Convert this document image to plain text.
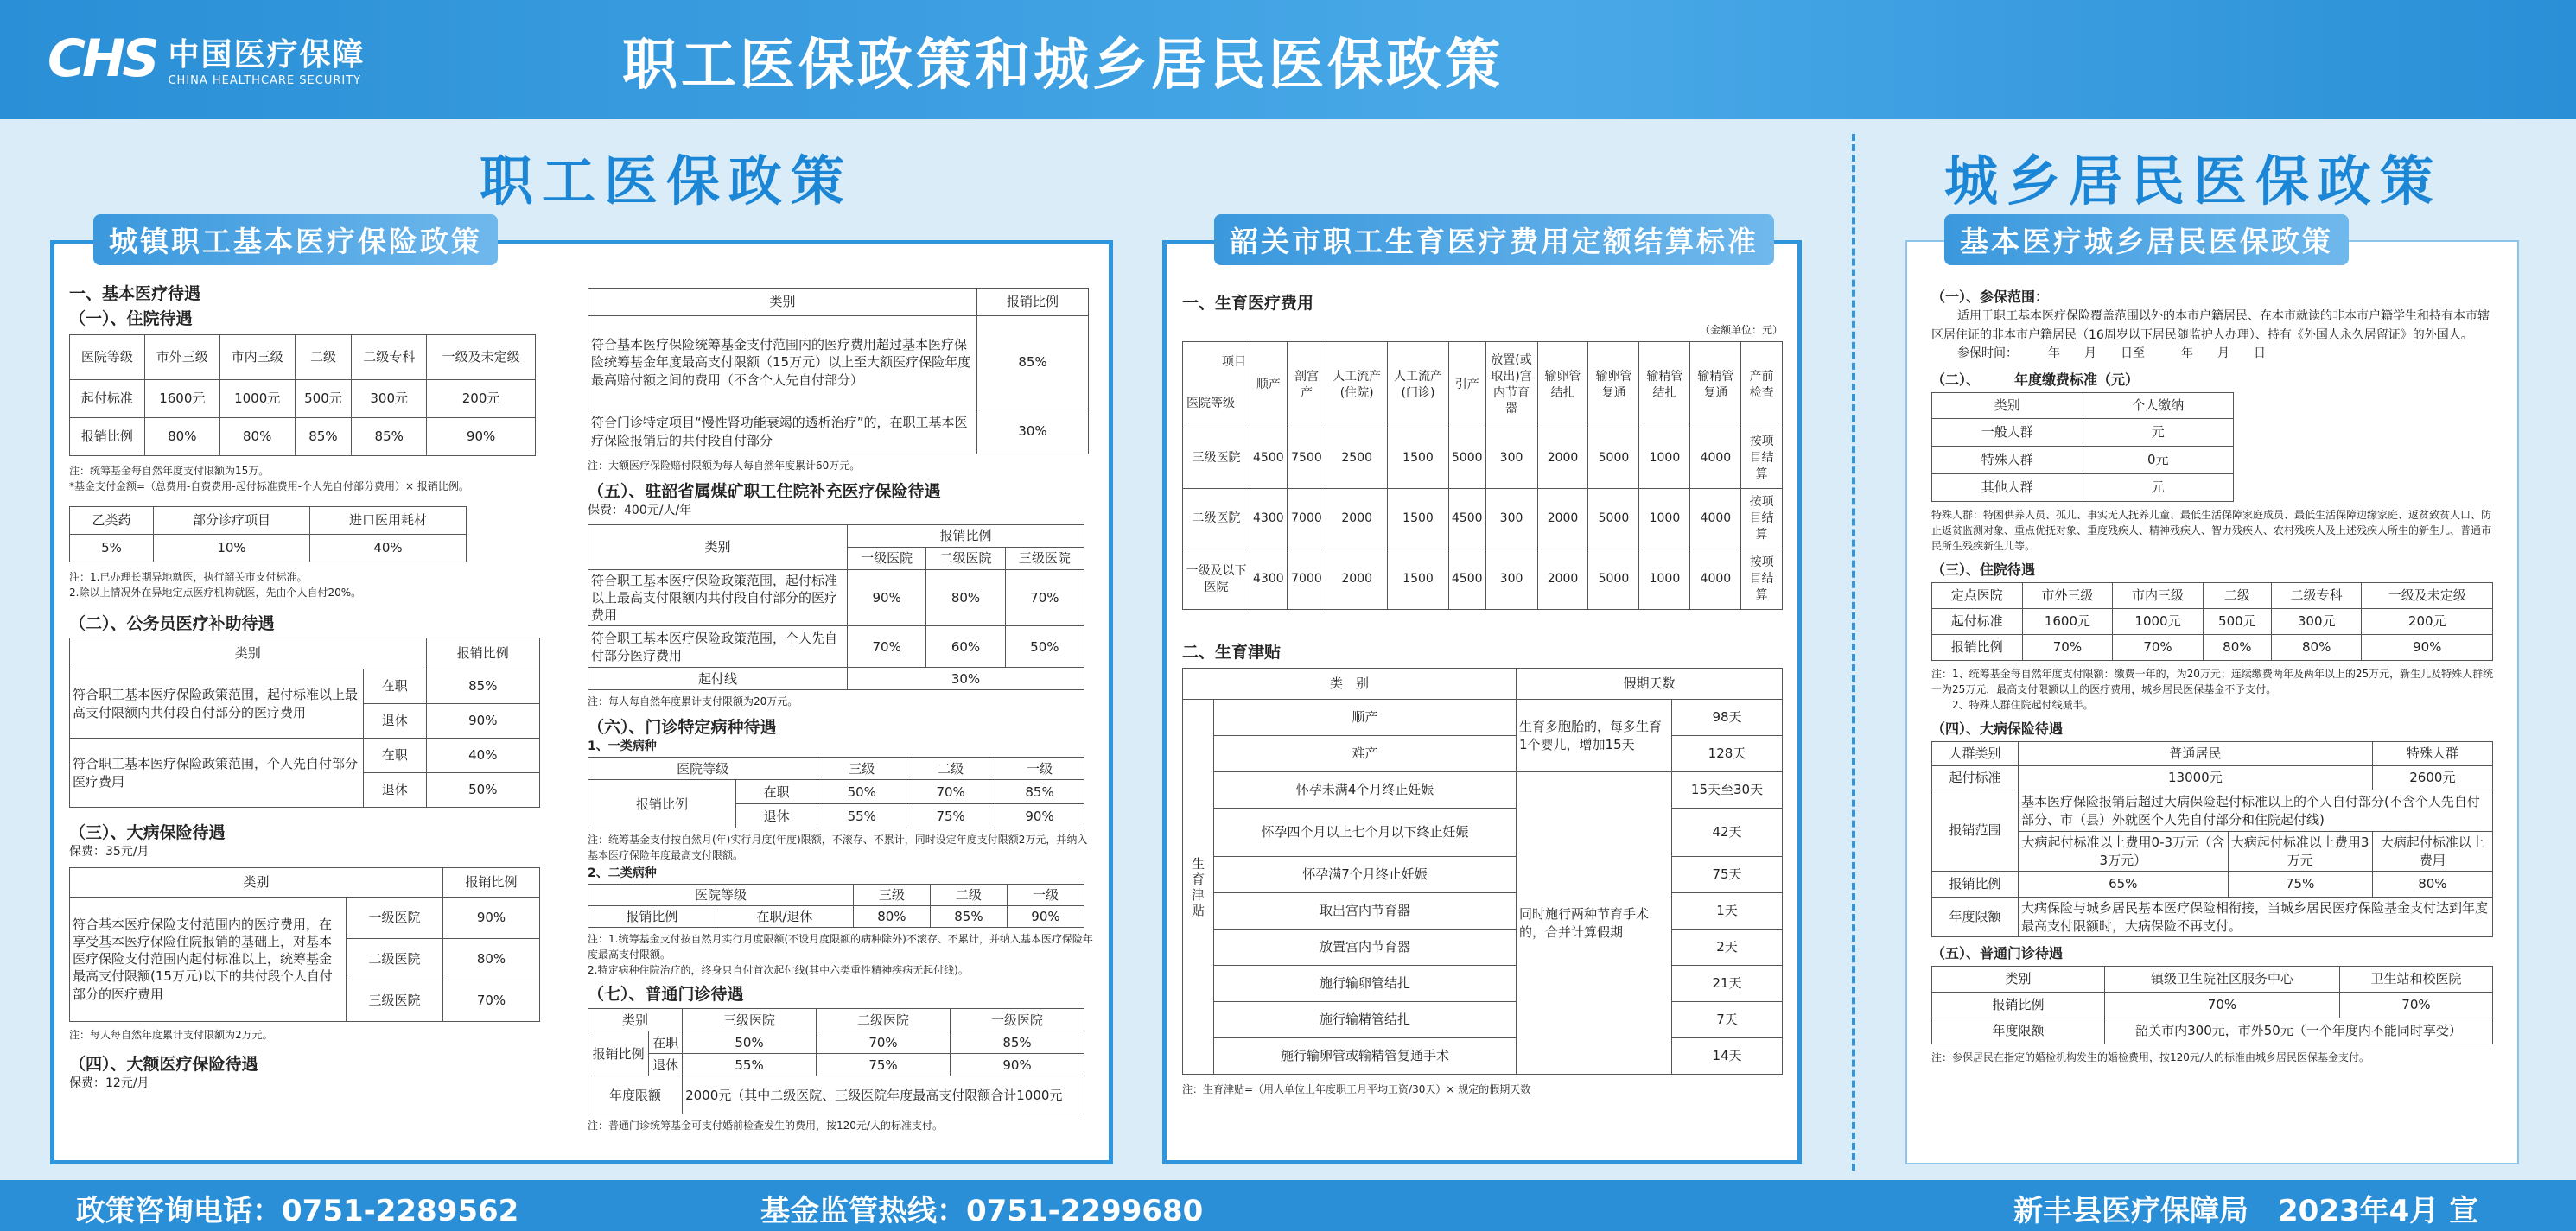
CHS 中国医疗保障
CHINA HEALTHCARE SECURITY	职工医保政策和城乡居民医保政策
职工医保政策	城乡居民医保政策
城镇职工基本医疗保险政策
一、基本医疗待遇
（一）、住院待遇
医院等级	市外三级	市内三级	二级	二级专科	一级及未定级
起付标准	1600元	1000元	500元	300元	200元
报销比例	80%	80%	85%	85%	90%
注：统筹基金每自然年度支付限额为15万。
*基金支付金额=（总费用-自费费用-起付标准费用-个人先自付部分费用）× 报销比例。
乙类药	部分诊疗项目	进口医用耗材
5%	10%	40%
注：1.已办理长期异地就医，执行韶关市支付标准。
2.除以上情况外在异地定点医疗机构就医，先由个人自付20%。
（二）、公务员医疗补助待遇
类别		报销比例
符合职工基本医疗保险政策范围，起付标准以上最高支付限额内共付段自付部分的医疗费用	在职	85%
	退休	90%
符合职工基本医疗保险政策范围，个人先自付部分医疗费用	在职	40%
	退休	50%
（三）、大病保险待遇
保费：35元/月
类别		报销比例
符合基本医疗保险支付范围内的医疗费用，在享受基本医疗保险住院报销的基础上，对基本医疗保险支付范围内起付标准以上，统筹基金最高支付限额(15万元)以下的共付段个人自付部分的医疗费用	一级医院	90%
	二级医院	80%
	三级医院	70%
注：每人每自然年度累计支付限额为2万元。
（四）、大额医疗保险待遇
保费：12元/月
类别	报销比例
符合基本医疗保险统筹基金支付范围内的医疗费用超过基本医疗保险统筹基金年度最高支付限额（15万元）以上至大额医疗保险年度最高赔付额之间的费用（不含个人先自付部分）	85%
符合门诊特定项目“慢性肾功能衰竭的透析治疗”的，在职工基本医疗保险报销后的共付段自付部分	30%
注：大额医疗保险赔付限额为每人每自然年度累计60万元。
（五）、驻韶省属煤矿职工住院补充医疗保险待遇
保费：400元/人/年
类别	报销比例		
	一级医院	二级医院	三级医院
符合职工基本医疗保险政策范围，起付标准以上最高支付限额内共付段自付部分的医疗费用	90%	80%	70%
符合职工基本医疗保险政策范围，个人先自付部分医疗费用	70%	60%	50%
起付线	30%		
注：每人每自然年度累计支付限额为20万元。
（六）、门诊特定病种待遇
1、一类病种
医院等级		三级	二级	一级
报销比例	在职	50%	70%	85%
	退休	55%	75%	90%
注：统筹基金支付按自然月(年)实行月度(年度)限额，不滚存、不累计，同时设定年度支付限额2万元，并纳入基本医疗保险年度最高支付限额。
2、二类病种
医院等级		三级	二级	一级
报销比例	在职/退休	80%	85%	90%
注：1.统筹基金支付按自然月实行月度限额(不设月度限额的病种除外)不滚存、不累计，并纳入基本医疗保险年度最高支付限额。
2.特定病种住院治疗的，终身只自付首次起付线(其中六类重性精神疾病无起付线)。
（七）、普通门诊待遇
类别		三级医院	二级医院	一级医院
报销比例	在职	50%	70%	85%
	退休	55%	75%	90%
年度限额		2000元（其中二级医院、三级医院年度最高支付限额合计1000元		
注：普通门诊统筹基金可支付婚前检查发生的费用，按120元/人的标准支付。
韶关市职工生育医疗费用定额结算标准
一、生育医疗费用
（金额单位：元）
项目
医院等级	顺产	剖宫产	人工流产(住院)	人工流产(门诊)	引产	放置(或取出)宫内节育器	输卵管结扎	输卵管复通	输精管结扎	输精管复通	产前检查
三级医院	4500	7500	2500	1500	5000	300	2000	5000	1000	4000	按项目结算
二级医院	4300	7000	2000	1500	4500	300	2000	5000	1000	4000	按项目结算
一级及以下医院	4300	7000	2000	1500	4500	300	2000	5000	1000	4000	按项目结算
二、生育津贴
类　别		假期天数	
生育津贴	顺产	生育多胞胎的，每多生育1个婴儿，增加15天	98天
	难产		128天
	怀孕未满4个月终止妊娠	同时施行两种节育手术的，合并计算假期	15天至30天
	怀孕四个月以上七个月以下终止妊娠		42天
	怀孕满7个月终止妊娠		75天
	取出宫内节育器		1天
	放置宫内节育器		2天
	施行输卵管结扎		21天
	施行输精管结扎		7天
	施行输卵管或输精管复通手术		14天
注：生育津贴=（用人单位上年度职工月平均工资/30天）× 规定的假期天数
基本医疗城乡居民医保政策
（一）、参保范围：
适用于职工基本医疗保险覆盖范围以外的本市户籍居民、在本市就读的非本市户籍学生和持有本市辖区居住证的非本市户籍居民（16周岁以下居民随监护人办理）、持有《外国人永久居留证》的外国人。
参保时间：　　　年　　月　　日至　　　年　　月　　日
（二）、　　　年度缴费标准（元）
类别	个人缴纳
一般人群	元
特殊人群	0元
其他人群	元
特殊人群：特困供养人员、孤儿、事实无人抚养儿童、最低生活保障家庭成员、最低生活保障边缘家庭、返贫致贫人口、防止返贫监测对象、重点优抚对象、重度残疾人、精神残疾人、智力残疾人、农村残疾人及上述残疾人所生的新生儿、普通市民所生残疾新生儿等。
（三）、住院待遇
定点医院	市外三级	市内三级	二级	二级专科	一级及未定级
起付标准	1600元	1000元	500元	300元	200元
报销比例	70%	70%	80%	80%	90%
注：1、统筹基金每自然年度支付限额：缴费一年的，为20万元；连续缴费两年及两年以上的25万元，新生儿及特殊人群统一为25万元，最高支付限额以上的医疗费用，城乡居民医保基金不予支付。
2、特殊人群住院起付线减半。
（四）、大病保险待遇
人群类别	普通居民		特殊人群
起付标准	13000元		2600元
报销范围	基本医疗保险报销后超过大病保险起付标准以上的个人自付部分(不含个人先自付部分、市（县）外就医个人先自付部分和住院起付线)		
	大病起付标准以上费用0-3万元（含3万元）	大病起付标准以上费用3万元	大病起付标准以上费用
报销比例	65%	75%	80%
年度限额	大病保险与城乡居民基本医疗保险相衔接，当城乡居民医疗保险基金支付达到年度最高支付限额时，大病保险不再支付。		
（五）、普通门诊待遇
类别	镇级卫生院社区服务中心	卫生站和校医院
报销比例	70%	70%
年度限额	韶关市内300元，市外50元（一个年度内不能同时享受）	
注：参保居民在指定的婚检机构发生的婚检费用，按120元/人的标准由城乡居民医保基金支付。
政策咨询电话：0751-2289562	基金监管热线：0751-2299680	新丰县医疗保障局　2023年4月 宣
